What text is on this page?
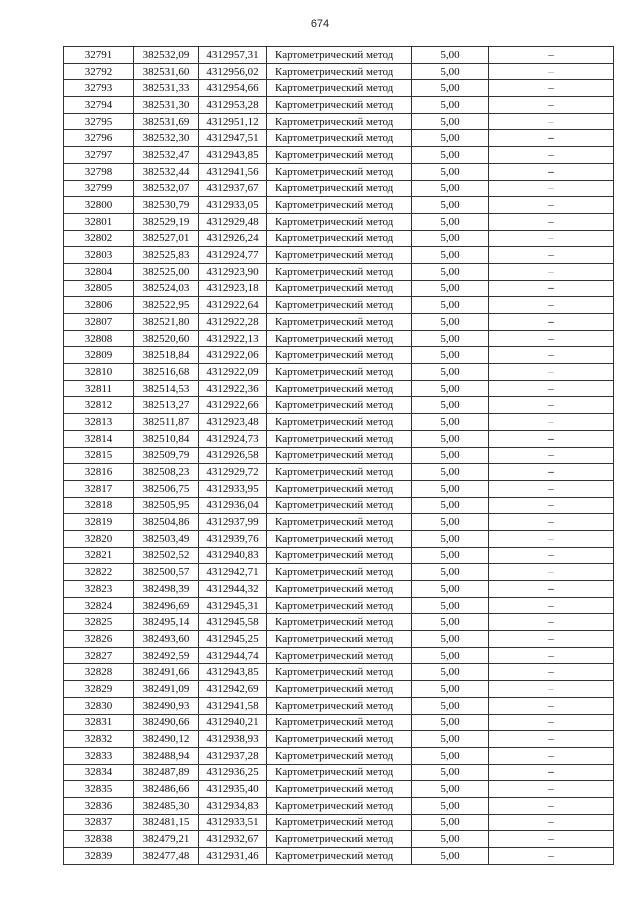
674
32791	382532,09	4312957,31	Картометрический метод	5,00	–
32792	382531,60	4312956,02	Картометрический метод	5,00	–
32793	382531,33	4312954,66	Картометрический метод	5,00	–
32794	382531,30	4312953,28	Картометрический метод	5,00	–
32795	382531,69	4312951,12	Картометрический метод	5,00	–
32796	382532,30	4312947,51	Картометрический метод	5,00	–
32797	382532,47	4312943,85	Картометрический метод	5,00	–
32798	382532,44	4312941,56	Картометрический метод	5,00	–
32799	382532,07	4312937,67	Картометрический метод	5,00	–
32800	382530,79	4312933,05	Картометрический метод	5,00	–
32801	382529,19	4312929,48	Картометрический метод	5,00	–
32802	382527,01	4312926,24	Картометрический метод	5,00	–
32803	382525,83	4312924,77	Картометрический метод	5,00	–
32804	382525,00	4312923,90	Картометрический метод	5,00	–
32805	382524,03	4312923,18	Картометрический метод	5,00	–
32806	382522,95	4312922,64	Картометрический метод	5,00	–
32807	382521,80	4312922,28	Картометрический метод	5,00	–
32808	382520,60	4312922,13	Картометрический метод	5,00	–
32809	382518,84	4312922,06	Картометрический метод	5,00	–
32810	382516,68	4312922,09	Картометрический метод	5,00	–
32811	382514,53	4312922,36	Картометрический метод	5,00	–
32812	382513,27	4312922,66	Картометрический метод	5,00	–
32813	382511,87	4312923,48	Картометрический метод	5,00	–
32814	382510,84	4312924,73	Картометрический метод	5,00	–
32815	382509,79	4312926,58	Картометрический метод	5,00	–
32816	382508,23	4312929,72	Картометрический метод	5,00	–
32817	382506,75	4312933,95	Картометрический метод	5,00	–
32818	382505,95	4312936,04	Картометрический метод	5,00	–
32819	382504,86	4312937,99	Картометрический метод	5,00	–
32820	382503,49	4312939,76	Картометрический метод	5,00	–
32821	382502,52	4312940,83	Картометрический метод	5,00	–
32822	382500,57	4312942,71	Картометрический метод	5,00	–
32823	382498,39	4312944,32	Картометрический метод	5,00	–
32824	382496,69	4312945,31	Картометрический метод	5,00	–
32825	382495,14	4312945,58	Картометрический метод	5,00	–
32826	382493,60	4312945,25	Картометрический метод	5,00	–
32827	382492,59	4312944,74	Картометрический метод	5,00	–
32828	382491,66	4312943,85	Картометрический метод	5,00	–
32829	382491,09	4312942,69	Картометрический метод	5,00	–
32830	382490,93	4312941,58	Картометрический метод	5,00	–
32831	382490,66	4312940,21	Картометрический метод	5,00	–
32832	382490,12	4312938,93	Картометрический метод	5,00	–
32833	382488,94	4312937,28	Картометрический метод	5,00	–
32834	382487,89	4312936,25	Картометрический метод	5,00	–
32835	382486,66	4312935,40	Картометрический метод	5,00	–
32836	382485,30	4312934,83	Картометрический метод	5,00	–
32837	382481,15	4312933,51	Картометрический метод	5,00	–
32838	382479,21	4312932,67	Картометрический метод	5,00	–
32839	382477,48	4312931,46	Картометрический метод	5,00	–
